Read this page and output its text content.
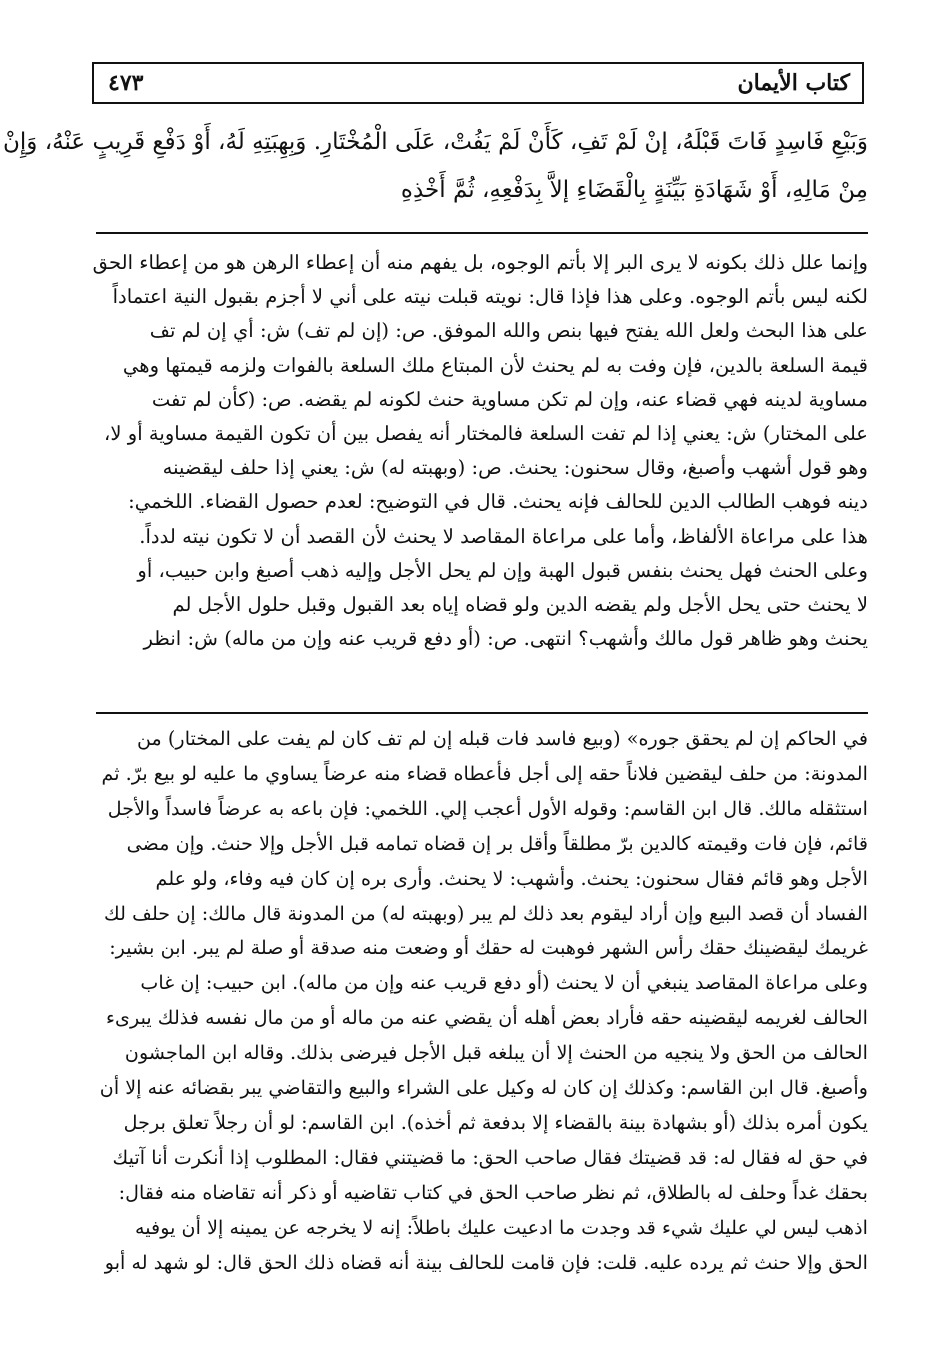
كتاب الأيمان
٤٧٣
وَبَيْعِ فَاسِدٍ فَاتَ قَبْلَهُ، إنْ لَمْ تَفِ، كَأَنْ لَمْ يَفُتْ، عَلَى الْمُخْتَارِ. وَبِهِبَتِهِ لَهُ، أَوْ دَفْعِ قَرِيبٍ عَنْهُ، وَإِنْ
مِنْ مَالِهِ، أَوْ شَهَادَةِ بَيِّنَةٍ بِالْقَضَاءِ إلاَّ بِدَفْعِهِ، ثُمَّ أَخْذِهِ
وإنما علل ذلك بكونه لا يرى البر إلا بأتم الوجوه، بل يفهم منه أن إعطاء الرهن هو من إعطاء الحق
لكنه ليس بأتم الوجوه. وعلى هذا فإذا قال: نويته قبلت نيته على أني لا أجزم بقبول النية اعتماداً
على هذا البحث ولعل الله يفتح فيها بنص والله الموفق. ص: (إن لم تف) ش: أي إن لم تف
قيمة السلعة بالدين، فإن وفت به لم يحنث لأن المبتاع ملك السلعة بالفوات ولزمه قيمتها وهي
مساوية لدينه فهي قضاء عنه، وإن لم تكن مساوية حنث لكونه لم يقضه. ص: (كأن لم تفت
على المختار) ش: يعني إذا لم تفت السلعة فالمختار أنه يفصل بين أن تكون القيمة مساوية أو لا،
وهو قول أشهب وأصبغ، وقال سحنون: يحنث. ص: (وبهبته له) ش: يعني إذا حلف ليقضينه
دينه فوهب الطالب الدين للحالف فإنه يحنث. قال في التوضيح: لعدم حصول القضاء. اللخمي:
هذا على مراعاة الألفاظ، وأما على مراعاة المقاصد لا يحنث لأن القصد أن لا تكون نيته لدداً.
وعلى الحنث فهل يحنث بنفس قبول الهبة وإن لم يحل الأجل وإليه ذهب أصبغ وابن حبيب، أو
لا يحنث حتى يحل الأجل ولم يقضه الدين ولو قضاه إياه بعد القبول وقبل حلول الأجل لم
يحنث وهو ظاهر قول مالك وأشهب؟ انتهى. ص: (أو دفع قريب عنه وإن من ماله) ش: انظر
في الحاكم إن لم يحقق جوره» (وبيع فاسد فات قبله إن لم تف كان لم يفت على المختار) من
المدونة: من حلف ليقضين فلاناً حقه إلى أجل فأعطاه قضاء منه عرضاً يساوي ما عليه لو بيع برّ. ثم
استثقله مالك. قال ابن القاسم: وقوله الأول أعجب إلي. اللخمي: فإن باعه به عرضاً فاسداً والأجل
قائم، فإن فات وقيمته كالدين برّ مطلقاً وأقل بر إن قضاه تمامه قبل الأجل وإلا حنث. وإن مضى
الأجل وهو قائم فقال سحنون: يحنث. وأشهب: لا يحنث. وأرى بره إن كان فيه وفاء، ولو علم
الفساد أن قصد البيع وإن أراد ليقوم بعد ذلك لم يبر (وبهبته له) من المدونة قال مالك: إن حلف لك
غريمك ليقضينك حقك رأس الشهر فوهبت له حقك أو وضعت منه صدقة أو صلة لم يبر. ابن بشير:
وعلى مراعاة المقاصد ينبغي أن لا يحنث (أو دفع قريب عنه وإن من ماله). ابن حبيب: إن غاب
الحالف لغريمه ليقضينه حقه فأراد بعض أهله أن يقضي عنه من ماله أو من مال نفسه فذلك يبرىء
الحالف من الحق ولا ينجيه من الحنث إلا أن يبلغه قبل الأجل فيرضى بذلك. وقاله ابن الماجشون
وأصبغ. قال ابن القاسم: وكذلك إن كان له وكيل على الشراء والبيع والتقاضي يبر بقضائه عنه إلا أن
يكون أمره بذلك (أو بشهادة بينة بالقضاء إلا بدفعة ثم أخذه). ابن القاسم: لو أن رجلاً تعلق برجل
في حق له فقال له: قد قضيتك فقال صاحب الحق: ما قضيتني فقال: المطلوب إذا أنكرت أنا آتيك
بحقك غداً وحلف له بالطلاق، ثم نظر صاحب الحق في كتاب تقاضيه أو ذكر أنه تقاضاه منه فقال:
اذهب ليس لي عليك شيء قد وجدت ما ادعيت عليك باطلاً: إنه لا يخرجه عن يمينه إلا أن يوفيه
الحق وإلا حنث ثم يرده عليه. قلت: فإن قامت للحالف بينة أنه قضاه ذلك الحق قال: لو شهد له أبو
